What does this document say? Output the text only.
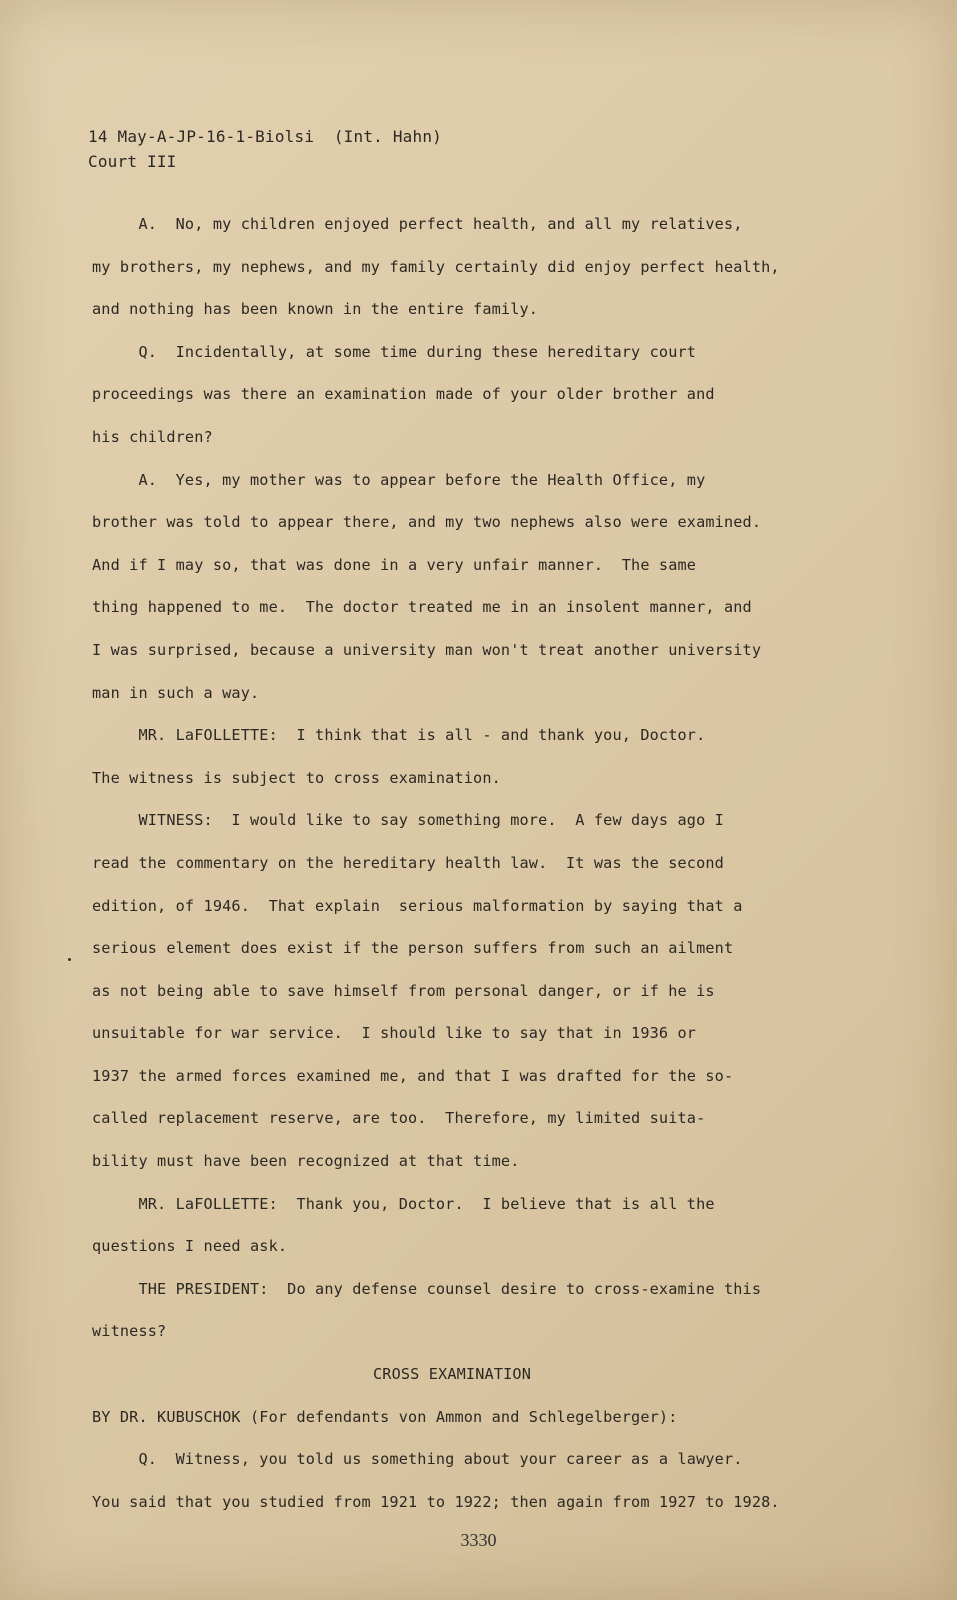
14 May-A-JP-16-1-Biolsi  (Int. Hahn)
Court III
A.  No, my children enjoyed perfect health, and all my relatives,
my brothers, my nephews, and my family certainly did enjoy perfect health,
and nothing has been known in the entire family.
Q.  Incidentally, at some time during these hereditary court
proceedings was there an examination made of your older brother and
his children?
A.  Yes, my mother was to appear before the Health Office, my
brother was told to appear there, and my two nephews also were examined.
And if I may so, that was done in a very unfair manner.  The same
thing happened to me.  The doctor treated me in an insolent manner, and
I was surprised, because a university man won't treat another university
man in such a way.
MR. LaFOLLETTE:  I think that is all - and thank you, Doctor.
The witness is subject to cross examination.
WITNESS:  I would like to say something more.  A few days ago I
read the commentary on the hereditary health law.  It was the second
edition, of 1946.  That explain  serious malformation by saying that a
serious element does exist if the person suffers from such an ailment
as not being able to save himself from personal danger, or if he is
unsuitable for war service.  I should like to say that in 1936 or
1937 the armed forces examined me, and that I was drafted for the so-
called replacement reserve, are too.  Therefore, my limited suita-
bility must have been recognized at that time.
MR. LaFOLLETTE:  Thank you, Doctor.  I believe that is all the
questions I need ask.
THE PRESIDENT:  Do any defense counsel desire to cross-examine this
witness?
CROSS EXAMINATION
BY DR. KUBUSCHOK (For defendants von Ammon and Schlegelberger):
Q.  Witness, you told us something about your career as a lawyer.
You said that you studied from 1921 to 1922; then again from 1927 to 1928.
3330
